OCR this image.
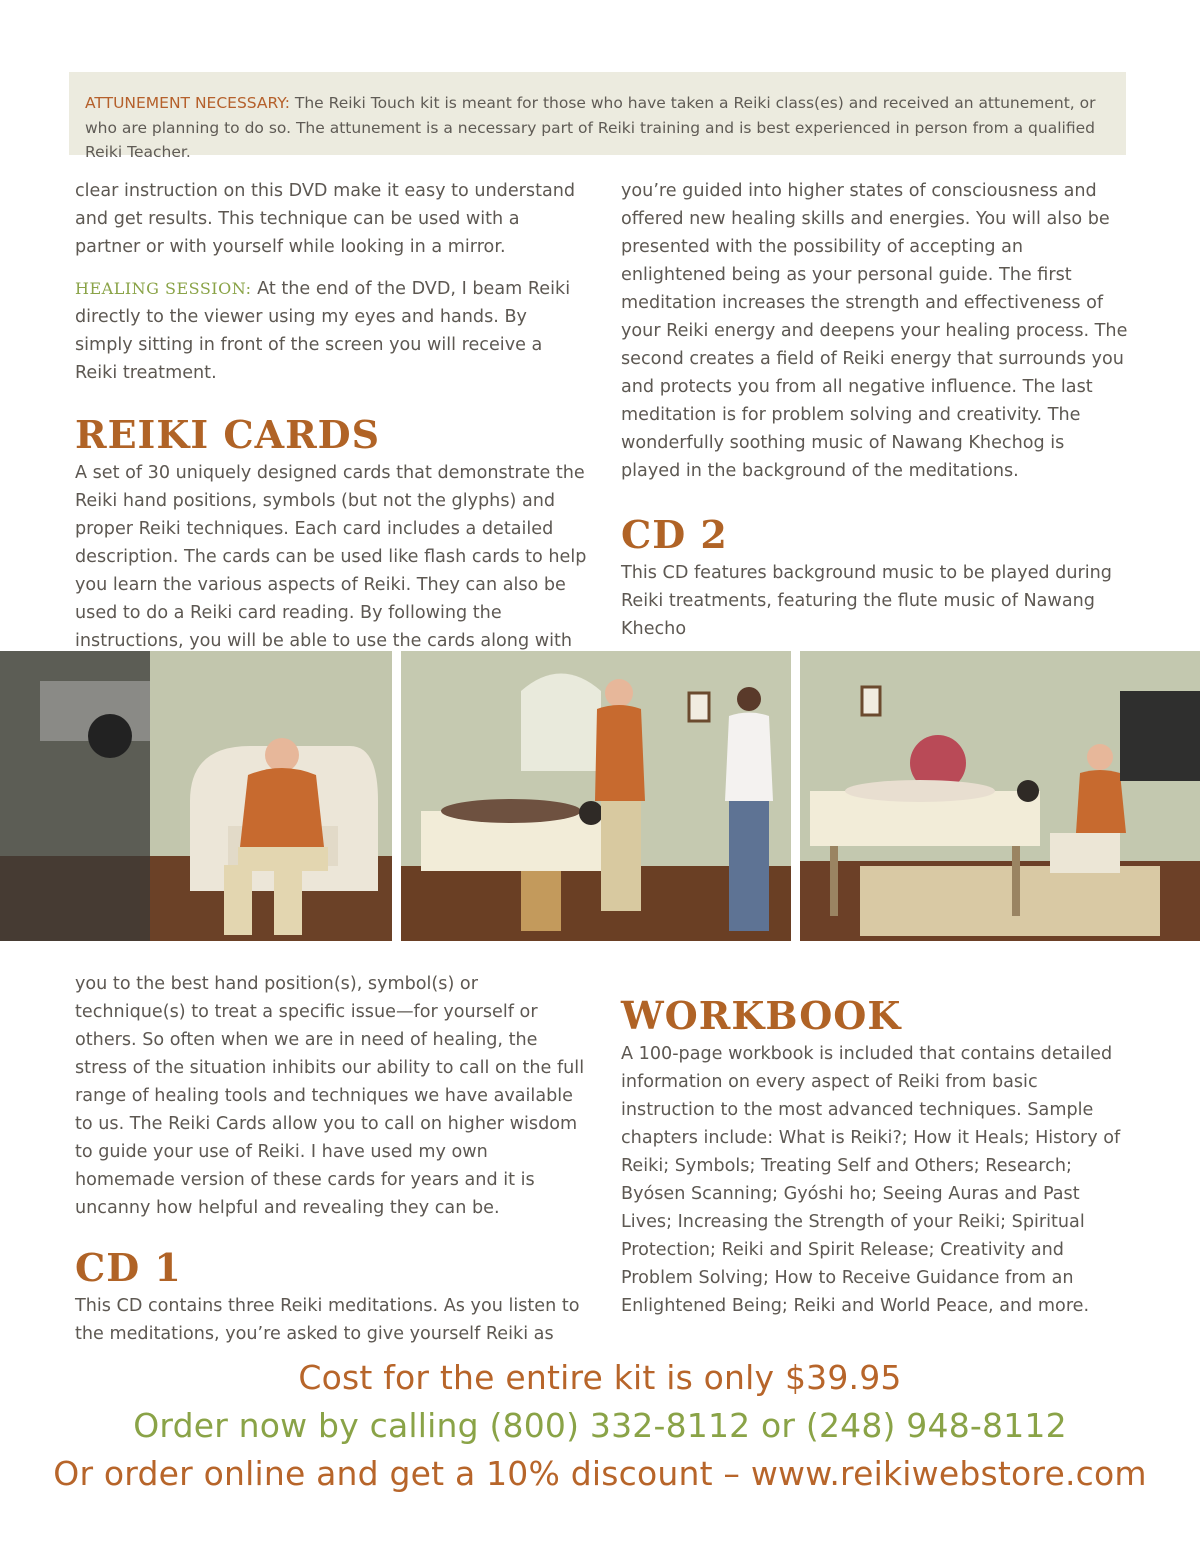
ATTUNEMENT NECESSARY: The Reiki Touch kit is meant for those who have taken a Reiki class(es) and received an attunement, or who are planning to do so. The attunement is a necessary part of Reiki training and is best experienced in person from a qualified Reiki Teacher.

clear instruction on this DVD make it easy to understand and get results. This technique can be used with a partner or with yourself while looking in a mirror.

HEALING SESSION: At the end of the DVD, I beam Reiki directly to the viewer using my eyes and hands. By simply sitting in front of the screen you will receive a Reiki treatment.

REIKI CARDS

A set of 30 uniquely designed cards that demonstrate the Reiki hand positions, symbols (but not the glyphs) and proper Reiki techniques. Each card includes a detailed description. The cards can be used like flash cards to help you learn the various aspects of Reiki. They can also be used to do a Reiki card reading. By following the instructions, you will be able to use the cards along with

you’re guided into higher states of consciousness and offered new healing skills and energies. You will also be presented with the possibility of accepting an enlightened being as your personal guide. The first meditation increases the strength and effectiveness of your Reiki energy and deepens your healing process. The second creates a field of Reiki energy that surrounds you and protects you from all negative influence. The last meditation is for problem solving and creativity. The wonderfully soothing music of Nawang Khechog is played in the background of the meditations.

CD 2

This CD features background music to be played during Reiki treatments, featuring the flute music of Nawang Khecho

you to the best hand position(s), symbol(s) or technique(s) to treat a specific issue—for yourself or others. So often when we are in need of healing, the stress of the situation inhibits our ability to call on the full range of healing tools and techniques we have available to us. The Reiki Cards allow you to call on higher wisdom to guide your use of Reiki. I have used my own homemade version of these cards for years and it is uncanny how helpful and revealing they can be.

CD 1

This CD contains three Reiki meditations. As you listen to the meditations, you’re asked to give yourself Reiki as

WORKBOOK

A 100-page workbook is included that contains detailed information on every aspect of Reiki from basic instruction to the most advanced techniques. Sample chapters include: What is Reiki?; How it Heals; History of Reiki; Symbols; Treating Self and Others; Research; Byósen Scanning; Gyóshi ho; Seeing Auras and Past Lives; Increasing the Strength of your Reiki; Spiritual Protection; Reiki and Spirit Release; Creativity and Problem Solving; How to Receive Guidance from an Enlightened Being; Reiki and World Peace, and more.

Cost for the entire kit is only $39.95
Order now by calling (800) 332-8112 or (248) 948-8112
Or order online and get a 10% discount – www.reikiwebstore.com
